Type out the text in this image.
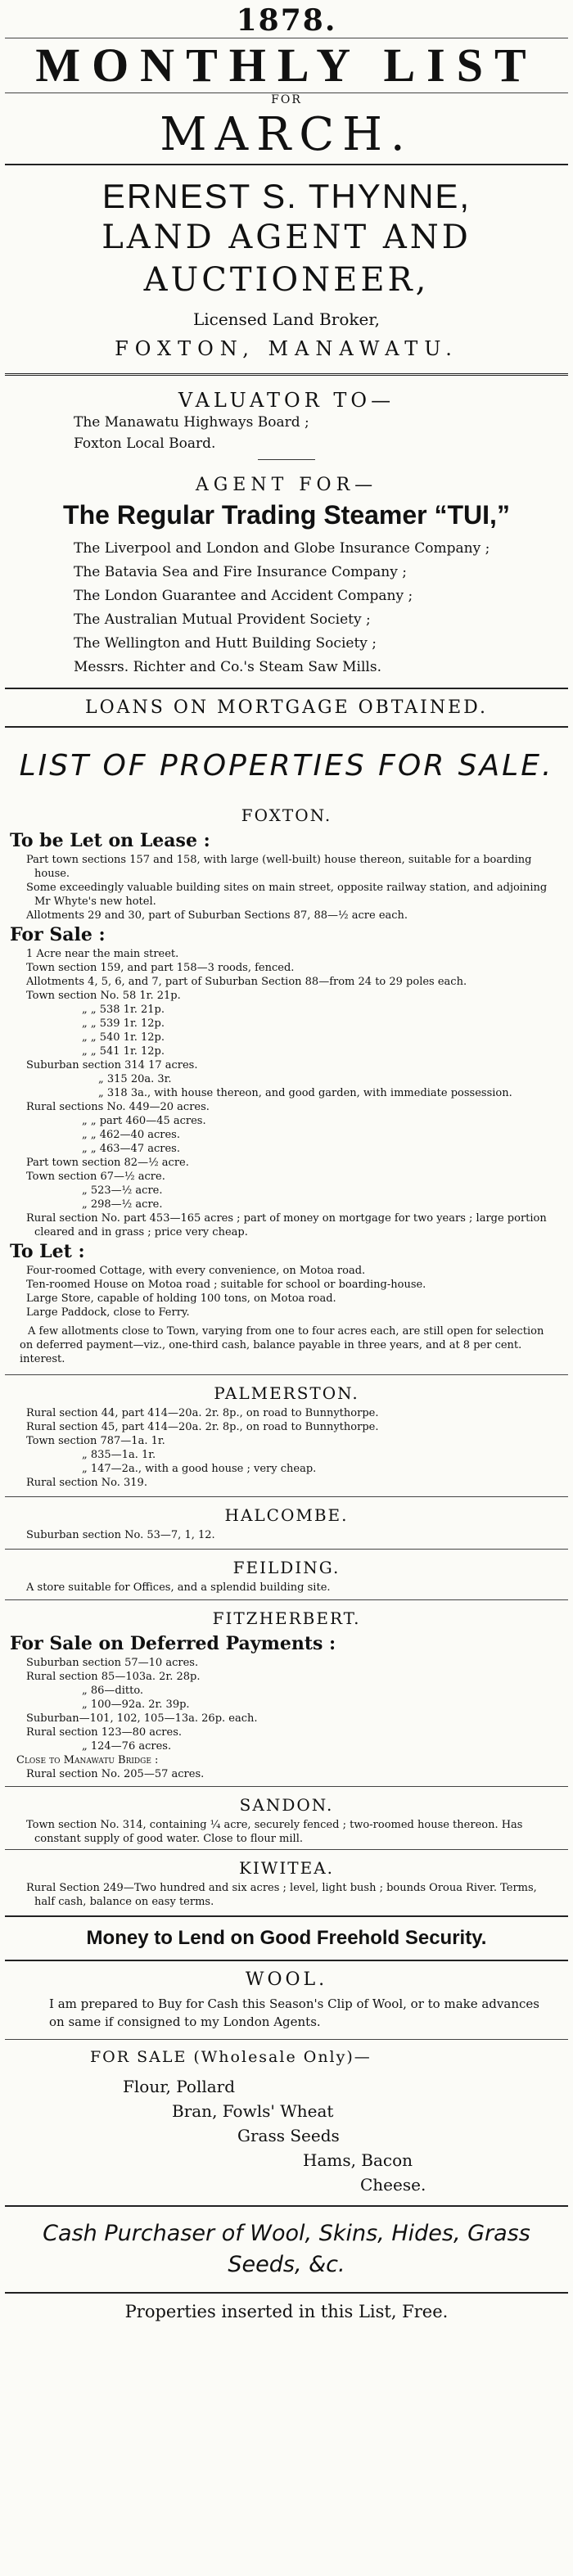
1878.
MONTHLY LIST
FOR
MARCH.
ERNEST S. THYNNE,
LAND AGENT AND AUCTIONEER,
Licensed Land Broker,
FOXTON, MANAWATU.
VALUATOR TO—
The Manawatu Highways Board ;
Foxton Local Board.
AGENT FOR—
The Regular Trading Steamer “TUI,”
The Liverpool and London and Globe Insurance Company ;
The Batavia Sea and Fire Insurance Company ;
The London Guarantee and Accident Company ;
The Australian Mutual Provident Society ;
The Wellington and Hutt Building Society ;
Messrs. Richter and Co.'s Steam Saw Mills.
LOANS ON MORTGAGE OBTAINED.
LIST OF PROPERTIES FOR SALE.
FOXTON.
To be Let on Lease :
Part town sections 157 and 158, with large (well-built) house thereon, suitable for a boarding house.
Some exceedingly valuable building sites on main street, opposite railway station, and adjoining Mr Whyte's new hotel.
Allotments 29 and 30, part of Suburban Sections 87, 88—½ acre each.
For Sale :
1 Acre near the main street.
Town section 159, and part 158—3 roods, fenced.
Allotments 4, 5, 6, and 7, part of Suburban Section 88—from 24 to 29 poles each.
Town section No. 58 1r. 21p.
„ „ 538 1r. 21p.
„ „ 539 1r. 12p.
„ „ 540 1r. 12p.
„ „ 541 1r. 12p.
Suburban section 314 17 acres.
„ 315 20a. 3r.
„ 318 3a., with house thereon, and good garden, with immediate possession.
Rural sections No. 449—20 acres.
„ „ part 460—45 acres.
„ „ 462—40 acres.
„ „ 463—47 acres.
Part town section 82—½ acre.
Town section 67—½ acre.
„ 523—½ acre.
„ 298—½ acre.
Rural section No. part 453—165 acres ; part of money on mortgage for two years ; large portion cleared and in grass ; price very cheap.
To Let :
Four-roomed Cottage, with every convenience, on Motoa road.
Ten-roomed House on Motoa road ; suitable for school or boarding-house.
Large Store, capable of holding 100 tons, on Motoa road.
Large Paddock, close to Ferry.
A few allotments close to Town, varying from one to four acres each, are still open for selection on deferred payment—viz., one-third cash, balance payable in three years, and at 8 per cent. interest.
PALMERSTON.
Rural section 44, part 414—20a. 2r. 8p., on road to Bunnythorpe.
Rural section 45, part 414—20a. 2r. 8p., on road to Bunnythorpe.
Town section 787—1a. 1r.
„ 835—1a. 1r.
„ 147—2a., with a good house ; very cheap.
Rural section No. 319.
HALCOMBE.
Suburban section No. 53—7, 1, 12.
FEILDING.
A store suitable for Offices, and a splendid building site.
FITZHERBERT.
For Sale on Deferred Payments :
Suburban section 57—10 acres.
Rural section 85—103a. 2r. 28p.
„ 86—ditto.
„ 100—92a. 2r. 39p.
Suburban—101, 102, 105—13a. 26p. each.
Rural section 123—80 acres.
„ 124—76 acres.
Close to Manawatu Bridge :
Rural section No. 205—57 acres.
SANDON.
Town section No. 314, containing ¼ acre, securely fenced ; two-roomed house thereon. Has constant supply of good water. Close to flour mill.
KIWITEA.
Rural Section 249—Two hundred and six acres ; level, light bush ; bounds Oroua River. Terms, half cash, balance on easy terms.
Money to Lend on Good Freehold Security.
WOOL.
I am prepared to Buy for Cash this Season's Clip of Wool, or to make advances on same if consigned to my London Agents.
FOR SALE (Wholesale Only)—
Flour, Pollard
Bran, Fowls' Wheat
Grass Seeds
Hams, Bacon
Cheese.
Cash Purchaser of Wool, Skins, Hides, Grass Seeds, &c.
Properties inserted in this List, Free.
